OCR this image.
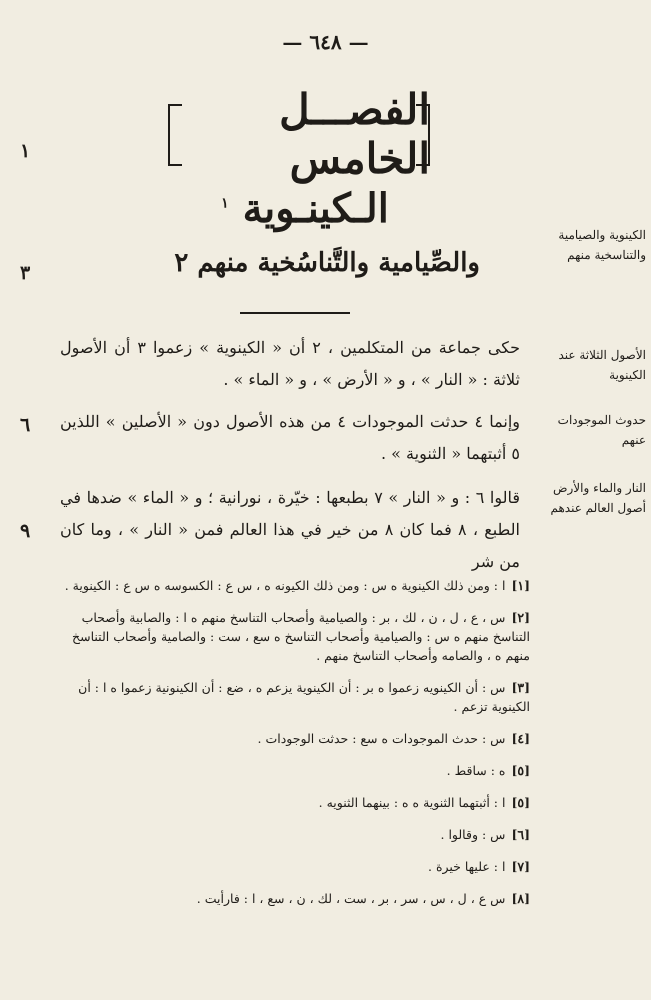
— ٦٤٨ —
الفصـــل الخامس
١
الـكينـوية $^١$
والصِّيامية والتَّناسُخية منهم ٢
٣
الكينوية والصيامية والتناسخية منهم
الأصول الثلاثة عند الكينوية
حدوث الموجودات عنهم
النار والماء والأرض أصول العالم عندهم
حكى جماعة من المتكلمين ، ٢ أن « الكينوية » زعموا ٣ أن الأصول ثلاثة : « النار » ، و « الأرض » ، و « الماء » .
وإنما ٤ حدثت الموجودات ٤ من هذه الأصول دون « الأصلين » اللذين ٥ أثبتهما « الثنوية » .
٦
قالوا ٦ : و « النار » ٧ بطبعها : خيّرة ، نورانية ؛ و « الماء » ضدها في الطبع ، ٨ فما كان ٨ من خير في هذا العالم فمن « النار » ، وما كان من شر
٩
[١]ا : ومن ذلك الكينوية ه س : ومن ذلك الكيونه ه ، س ع : الكسوسه ه س ع : الكينوية .
[٢]س ، ع ، ل ، ن ، لك ، بر : والصيامية وأصحاب التناسخ منهم ه ا : والصابية وأصحاب التناسخ منهم ه س : والصيامية وأصحاب التناسخ ه سع ، ست : والصامية وأصحاب التناسخ منهم ه ، والصامه وأصحاب التناسخ منهم .
[٣]س : أن الكينويه زعموا ه بر : أن الكينوية يزعم ه ، ضع : أن الكينونية زعموا ه ا : أن الكينوية تزعم .
[٤]س : حدث الموجودات ه سع : حدثت الوجودات .
[٥]ه : ساقط .
[٥]ا : أثبتهما الثنوية ه ه : بينهما الثنويه .
[٦]س : وقالوا .
[٧]ا : عليها خيرة .
[٨]س ع ، ل ، س ، سر ، بر ، ست ، لك ، ن ، سع ، ا : فارأيت .
